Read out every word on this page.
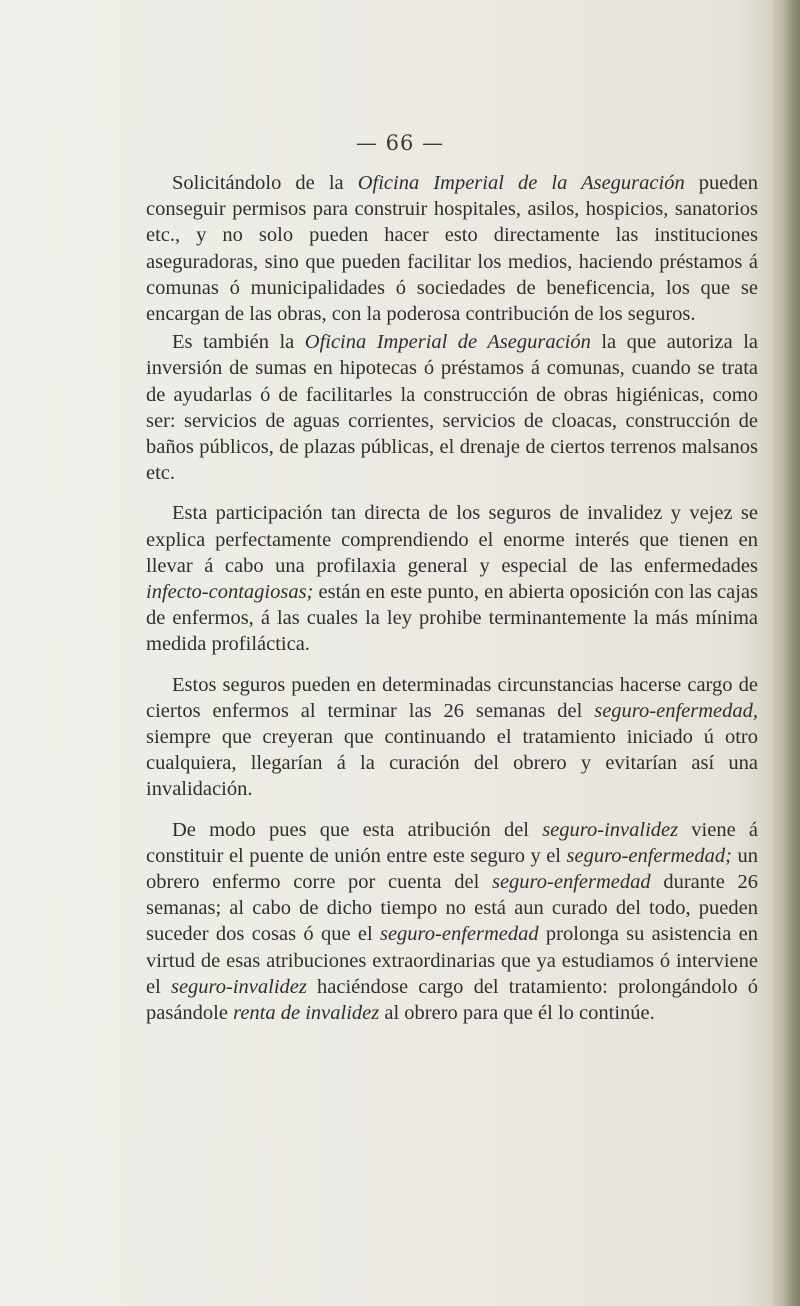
— 66 —

Solicitándolo de la Oficina Imperial de la Aseguración pueden conseguir permisos para construir hospitales, asilos, hospicios, sanatorios etc., y no solo pueden hacer esto directamente las instituciones aseguradoras, sino que pueden facilitar los medios, haciendo préstamos á comunas ó municipalidades ó sociedades de beneficencia, los que se encargan de las obras, con la poderosa contribución de los seguros.

Es también la Oficina Imperial de Aseguración la que autoriza la inversión de sumas en hipotecas ó préstamos á comunas, cuando se trata de ayudarlas ó de facilitarles la construcción de obras higiénicas, como ser: servicios de aguas corrientes, servicios de cloacas, construcción de baños públicos, de plazas públicas, el drenaje de ciertos terrenos malsanos etc.

Esta participación tan directa de los seguros de invalidez y vejez se explica perfectamente comprendiendo el enorme interés que tienen en llevar á cabo una profilaxia general y especial de las enfermedades infecto-contagiosas; están en este punto, en abierta oposición con las cajas de enfermos, á las cuales la ley prohibe terminantemente la más mínima medida profiláctica.

Estos seguros pueden en determinadas circunstancias hacerse cargo de ciertos enfermos al terminar las 26 semanas del seguro-enfermedad, siempre que creyeran que continuando el tratamiento iniciado ú otro cualquiera, llegarían á la curación del obrero y evitarían así una invalidación.

De modo pues que esta atribución del seguro-invalidez viene á constituir el puente de unión entre este seguro y el seguro-enfermedad; un obrero enfermo corre por cuenta del seguro-enfermedad durante 26 semanas; al cabo de dicho tiempo no está aun curado del todo, pueden suceder dos cosas ó que el seguro-enfermedad prolonga su asistencia en virtud de esas atribuciones extraordinarias que ya estudiamos ó interviene el seguro-invalidez haciéndose cargo del tratamiento: prolongándolo ó pasándole renta de invalidez al obrero para que él lo continúe.
